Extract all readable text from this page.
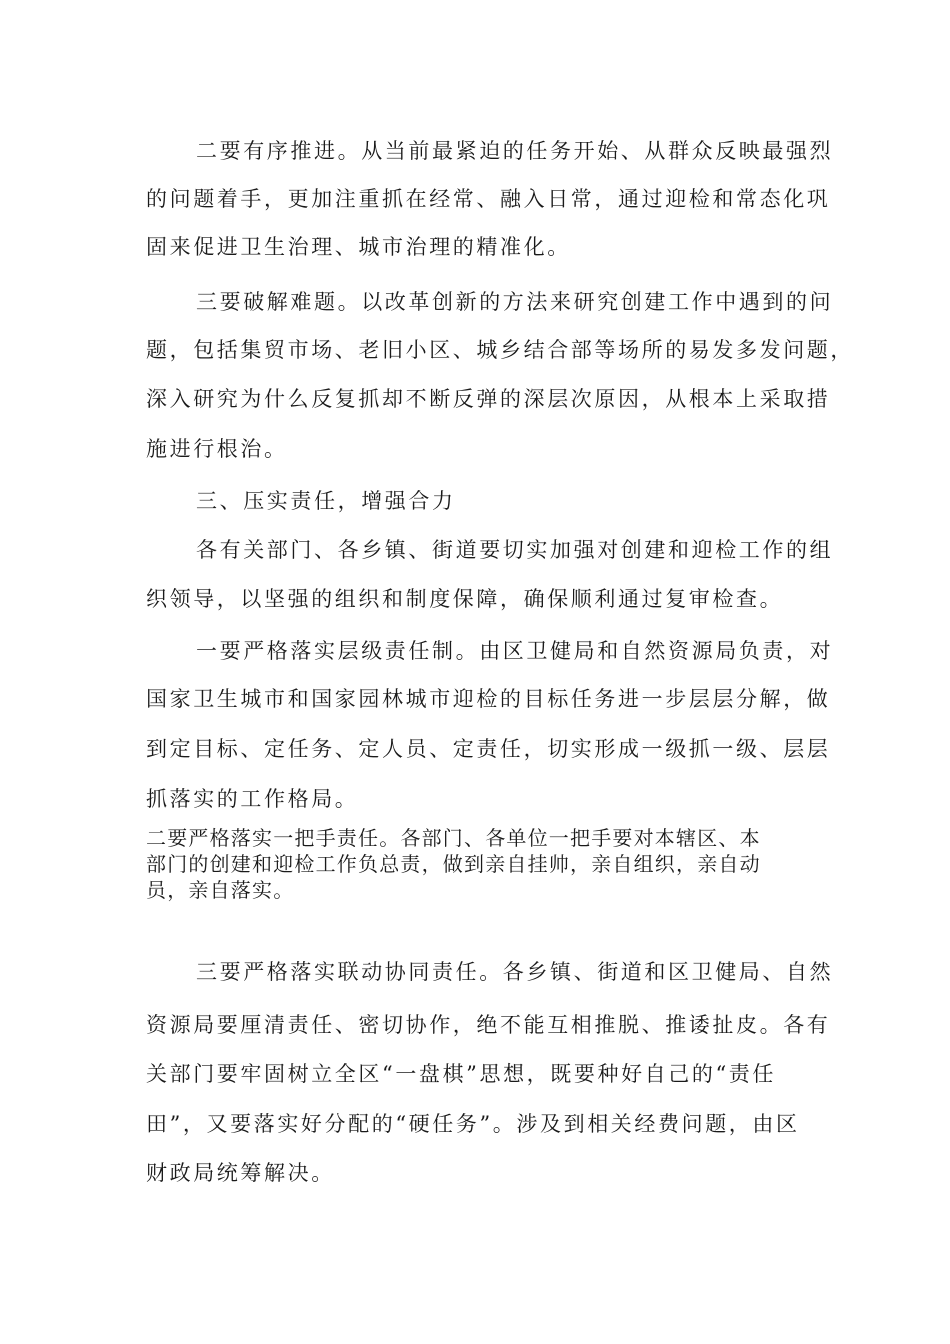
二要有序推进。从当前最紧迫的任务开始、从群众反映最强烈
的问题着手，更加注重抓在经常、融入日常，通过迎检和常态化巩
固来促进卫生治理、城市治理的精准化。
三要破解难题。以改革创新的方法来研究创建工作中遇到的问
题，包括集贸市场、老旧小区、城乡结合部等场所的易发多发问题，
深入研究为什么反复抓却不断反弹的深层次原因，从根本上采取措
施进行根治。
三、压实责任，增强合力
各有关部门、各乡镇、街道要切实加强对创建和迎检工作的组
织领导，以坚强的组织和制度保障，确保顺利通过复审检查。
一要严格落实层级责任制。由区卫健局和自然资源局负责，对
国家卫生城市和国家园林城市迎检的目标任务进一步层层分解，做
到定目标、定任务、定人员、定责任，切实形成一级抓一级、层层
抓落实的工作格局。
二要严格落实一把手责任。各部门、各单位一把手要对本辖区、本
部门的创建和迎检工作负总责，做到亲自挂帅，亲自组织，亲自动
员，亲自落实。
三要严格落实联动协同责任。各乡镇、街道和区卫健局、自然
资源局要厘清责任、密切协作，绝不能互相推脱、推诿扯皮。各有
关部门要牢固树立全区“一盘棋”思想，既要种好自己的“责任
田”，又要落实好分配的“硬任务”。涉及到相关经费问题，由区
财政局统筹解决。
